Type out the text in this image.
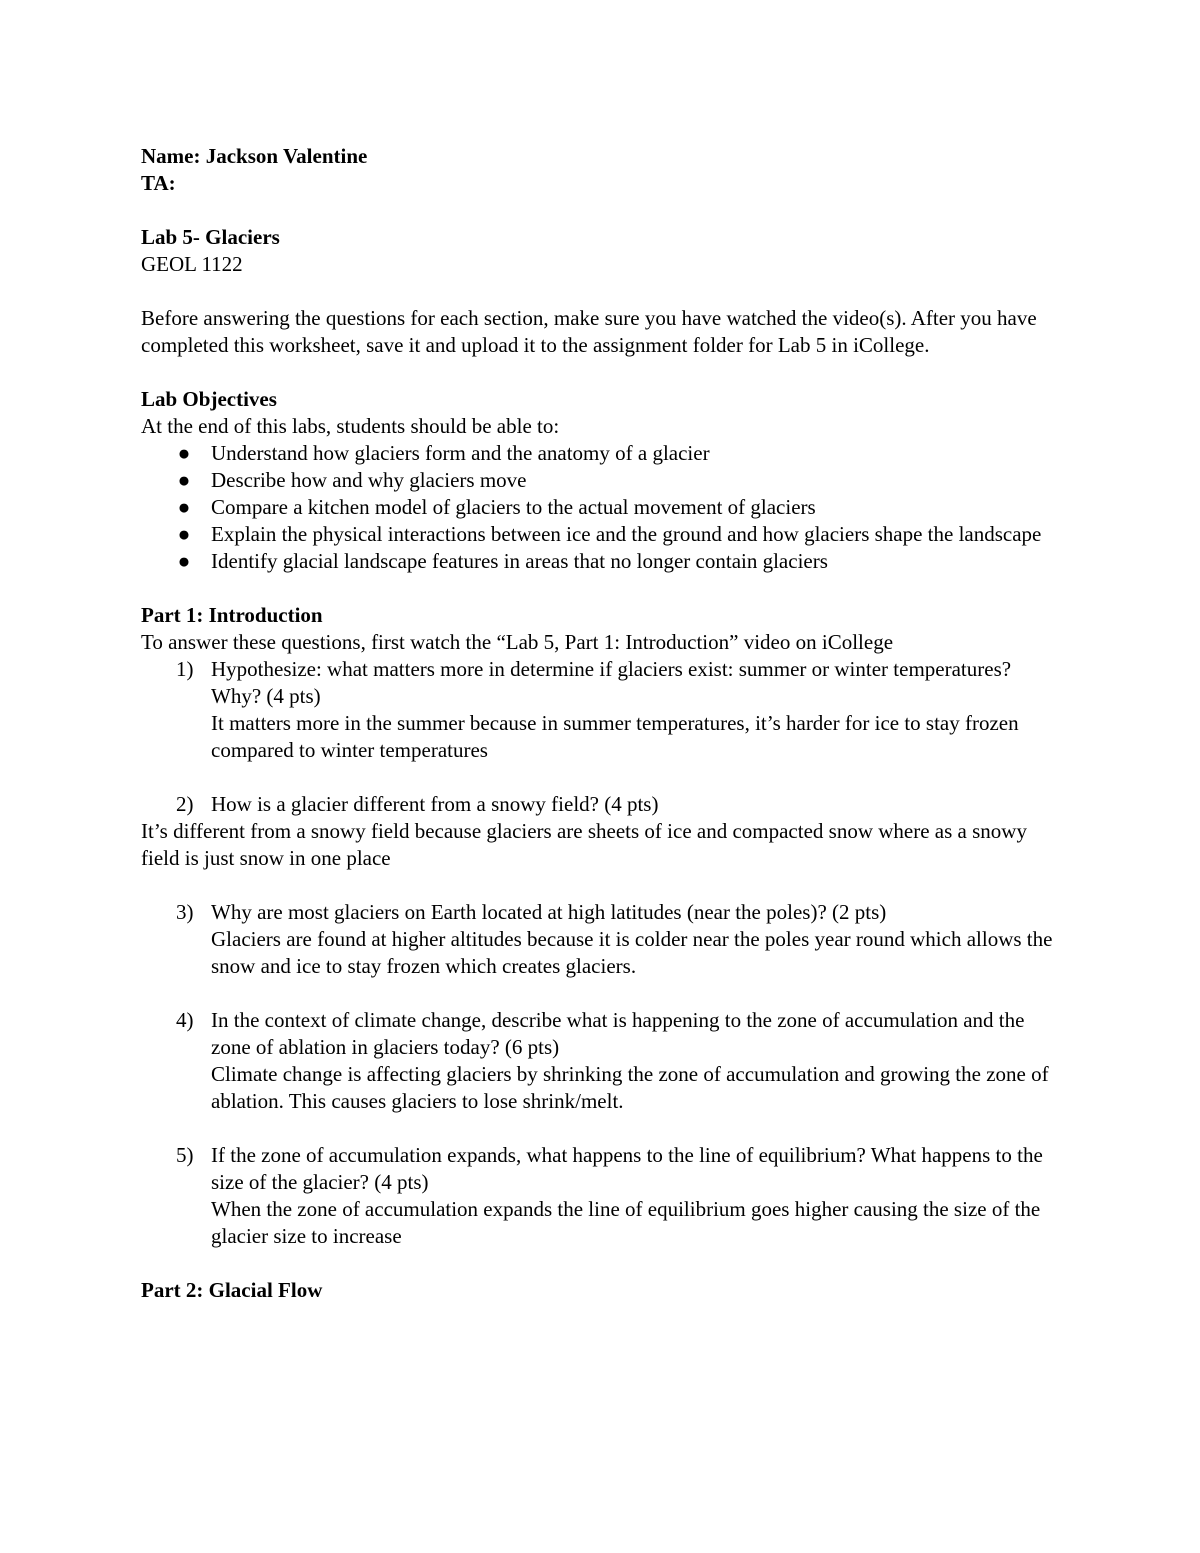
Name: Jackson Valentine
TA:
Lab 5- Glaciers
GEOL 1122

Before answering the questions for each section, make sure you have watched the video(s). After you have completed this worksheet, save it and upload it to the assignment folder for Lab 5 in iCollege.

Lab Objectives
At the end of this labs, students should be able to:
● Understand how glaciers form and the anatomy of a glacier
● Describe how and why glaciers move
● Compare a kitchen model of glaciers to the actual movement of glaciers
● Explain the physical interactions between ice and the ground and how glaciers shape the landscape
● Identify glacial landscape features in areas that no longer contain glaciers
Part 1: Introduction
To answer these questions, first watch the “Lab 5, Part 1: Introduction” video on iCollege
1) Hypothesize: what matters more in determine if glaciers exist: summer or winter temperatures? Why? (4 pts)

It matters more in the summer because in summer temperatures, it’s harder for ice to stay frozen compared to winter temperatures

2) How is a glacier different from a snowy field? (4 pts)

It’s different from a snowy field because glaciers are sheets of ice and compacted snow where as a snowy field is just snow in one place

3) Why are most glaciers on Earth located at high latitudes (near the poles)? (2 pts)

Glaciers are found at higher altitudes because it is colder near the poles year round which allows the snow and ice to stay frozen which creates glaciers.

4) In the context of climate change, describe what is happening to the zone of accumulation and the zone of ablation in glaciers today? (6 pts)

Climate change is affecting glaciers by shrinking the zone of accumulation and growing the zone of ablation. This causes glaciers to lose shrink/melt.

5) If the zone of accumulation expands, what happens to the line of equilibrium? What happens to the size of the glacier? (4 pts)

When the zone of accumulation expands the line of equilibrium goes higher causing the size of the glacier size to increase

Part 2: Glacial Flow
